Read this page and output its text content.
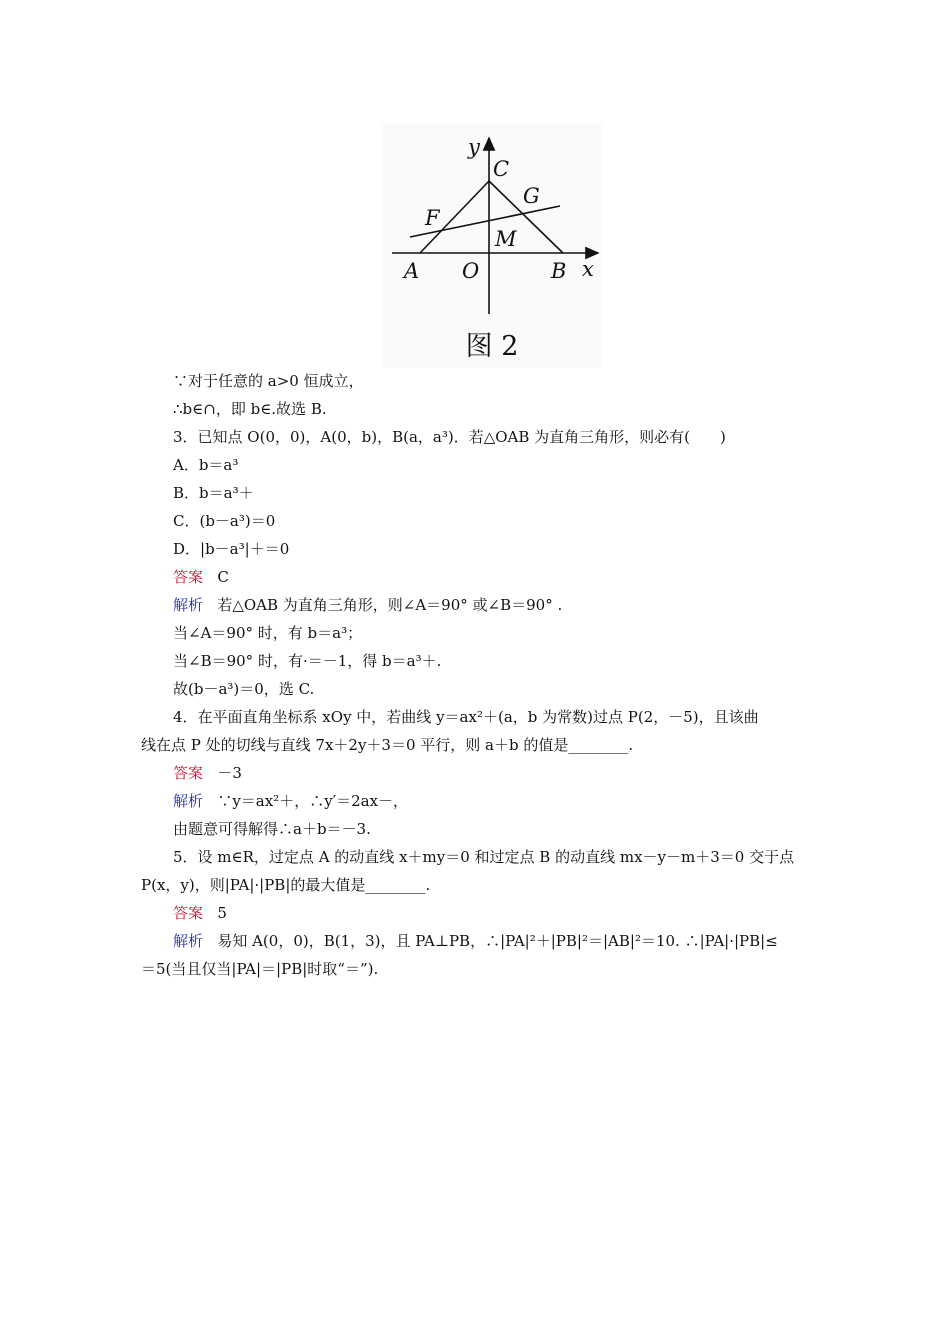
y
C
G
F
M
A O	B x
图 2
∵对于任意的 a>0 恒成立，
∴b∈∩，即 b∈.故选 B.
3．已知点 O(0，0)，A(0，b)，B(a，a³)．若△OAB 为直角三角形，则必有(　　)
A．b＝a³
B．b＝a³＋
C．(b－a³)＝0
D．|b－a³|＋＝0
答案 C
解析 若△OAB 为直角三角形，则∠A＝90° 或∠B＝90° .
当∠A＝90° 时，有 b＝a³；
当∠B＝90° 时，有·＝－1，得 b＝a³＋.
故(b－a³)＝0，选 C.
4．在平面直角坐标系 xOy 中，若曲线 y＝ax²＋(a，b 为常数)过点 P(2，－5)，且该曲
线在点 P 处的切线与直线 7x＋2y＋3＝0 平行，则 a＋b 的值是________.
答案 －3
解析 ∵y＝ax²＋，∴y′＝2ax－，
由题意可得解得∴a＋b＝－3.
5．设 m∈R，过定点 A 的动直线 x＋my＝0 和过定点 B 的动直线 mx－y－m＋3＝0 交于点
P(x，y)，则|PA|·|PB|的最大值是________.
答案 5
解析 易知 A(0，0)，B(1，3)，且 PA⊥PB，∴|PA|²＋|PB|²＝|AB|²＝10. ∴|PA|·|PB|≤
＝5(当且仅当|PA|＝|PB|时取“＝”).
